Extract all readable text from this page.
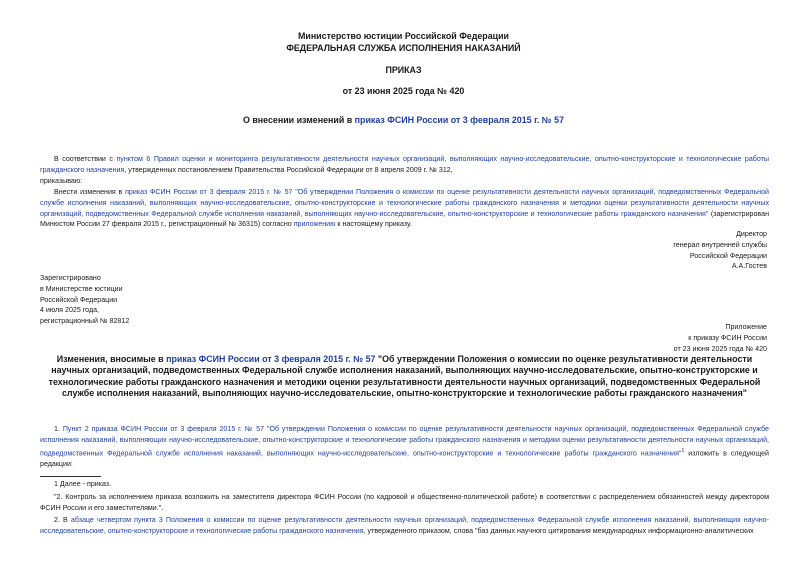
Министерство юстиции Российской Федерации
ФЕДЕРАЛЬНАЯ СЛУЖБА ИСПОЛНЕНИЯ НАКАЗАНИЙ
ПРИКАЗ
от 23 июня 2025 года № 420
О внесении изменений в приказ ФСИН России от 3 февраля 2015 г. № 57
В соответствии с пунктом 6 Правил оценки и мониторинга результативности деятельности научных организаций, выполняющих научно-исследовательские, опытно-конструкторские и технологические работы гражданского назначения, утвержденных постановлением Правительства Российской Федерации от 8 апреля 2009 г. № 312,
приказываю:
Внести изменения в приказ ФСИН России от 3 февраля 2015 г. № 57 "Об утверждении Положения о комиссии по оценке результативности деятельности научных организаций, подведомственных Федеральной службе исполнения наказаний, выполняющих научно-исследовательские, опытно-конструкторские и технологические работы гражданского назначения и методики оценки результативности деятельности научных организаций, подведомственных Федеральной службе исполнения наказаний, выполняющих научно-исследовательские, опытно-конструкторские и технологические работы гражданского назначения" (зарегистрирован Минюстом России 27 февраля 2015 г., регистрационный № 36315) согласно приложению к настоящему приказу.
Директор
генерал внутренней службы
Российской Федерации
А.А.Гостев
Зарегистрировано
в Министерстве юстиции
Российской Федерации
4 июля 2025 года,
регистрационный № 82812
Приложение
к приказу ФСИН России
от 23 июня 2025 года № 420
Изменения, вносимые в приказ ФСИН России от 3 февраля 2015 г. № 57 "Об утверждении Положения о комиссии по оценке результативности деятельности научных организаций, подведомственных Федеральной службе исполнения наказаний, выполняющих научно-исследовательские, опытно-конструкторские и технологические работы гражданского назначения и методики оценки результативности деятельности научных организаций, подведомственных Федеральной службе исполнения наказаний, выполняющих научно-исследовательские, опытно-конструкторские и технологические работы гражданского назначения"
1. Пункт 2 приказа ФСИН России от 3 февраля 2015 г. № 57 "Об утверждении Положения о комиссии по оценке результативности деятельности научных организаций, подведомственных Федеральной службе исполнения наказаний, выполняющих научно-исследовательские, опытно-конструкторские и технологические работы гражданского назначения и методики оценки результативности деятельности научных организаций, подведомственных Федеральной службе исполнения наказаний, выполняющих научно-исследовательские, опытно-конструкторские и технологические работы гражданского назначения"$^1$ изложить в следующей редакции:
1 Далее - приказ.
"2. Контроль за исполнением приказа возложить на заместителя директора ФСИН России (по кадровой и общественно-политической работе) в соответствии с распределением обязанностей между директором ФСИН России и его заместителями.".
2. В абзаце четвертом пункта 3 Положения о комиссии по оценке результативности деятельности научных организаций, подведомственных Федеральной службе исполнения наказаний, выполняющих научно-исследовательские, опытно-конструкторские и технологические работы гражданского назначения, утвержденного приказом, слова "баз данных научного цитирования международных информационно-аналитических
